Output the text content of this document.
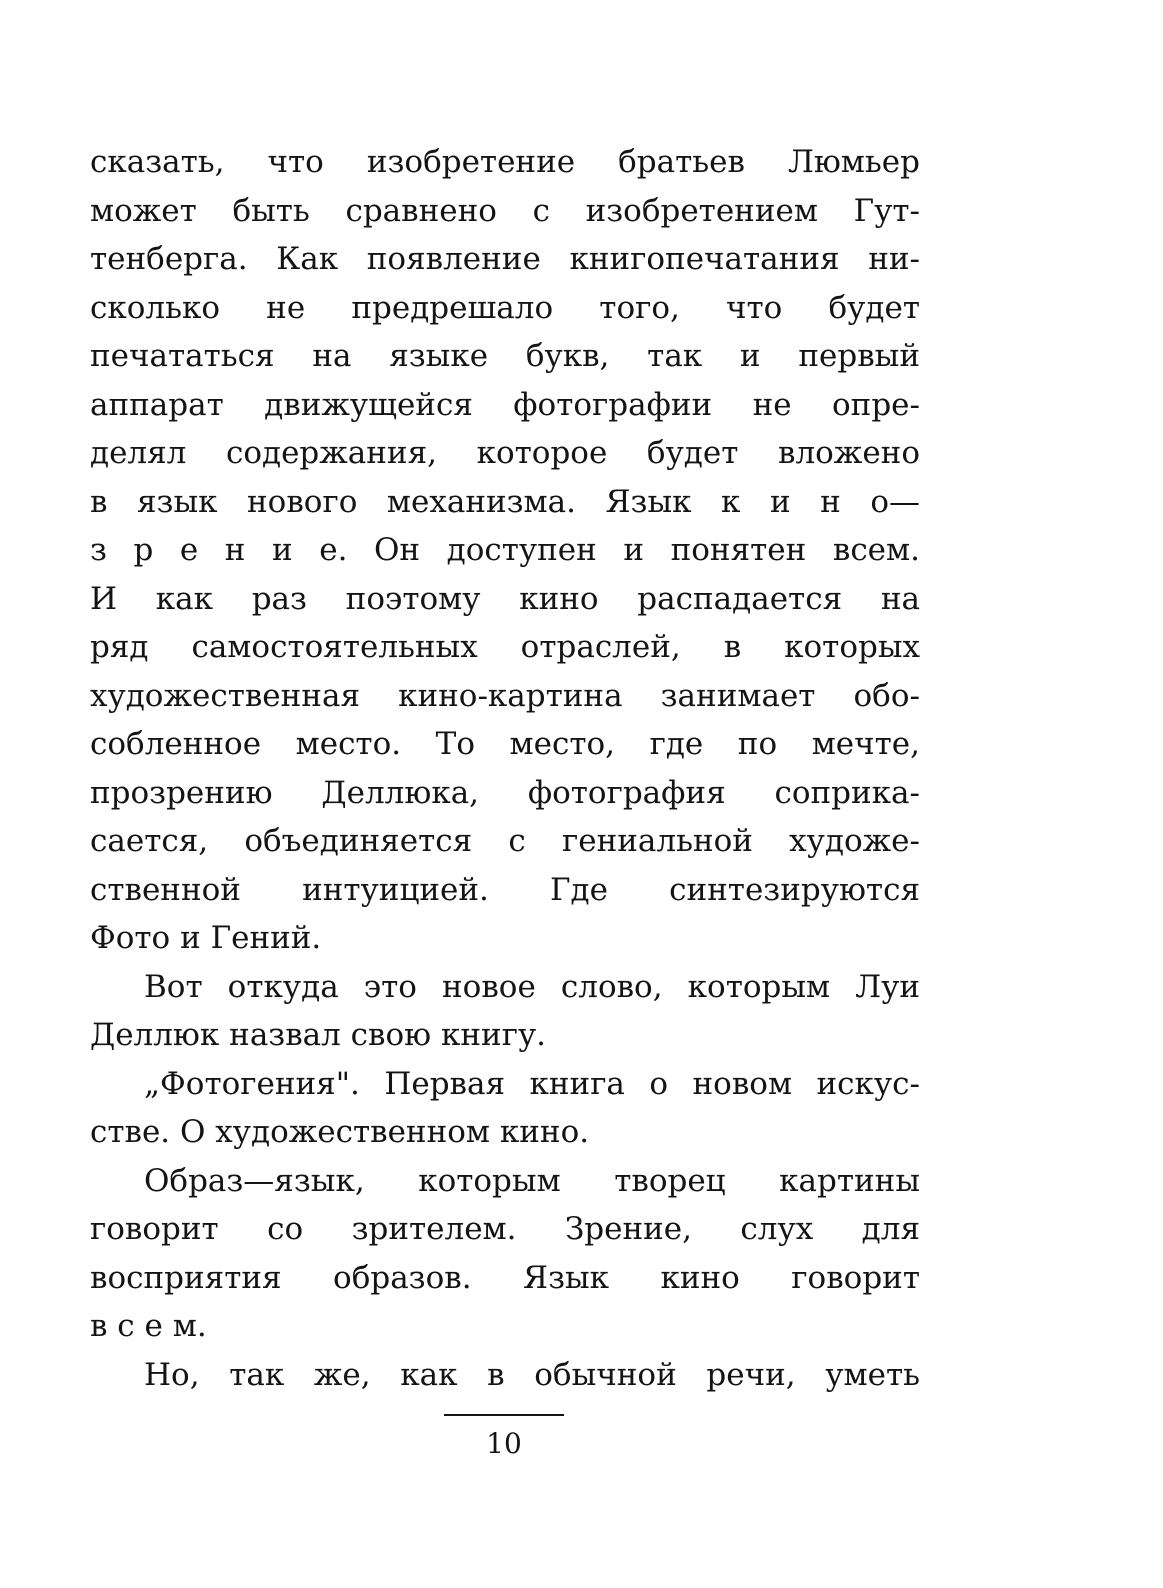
сказать, что изобретение братьев Люмьер
может быть сравнено с изобретением Гут-
тенберга. Как появление книгопечатания ни-
сколько не предрешало того, что будет
печататься на языке букв, так и первый
аппарат движущейся фотографии не опре-
делял содержания, которое будет вложено
в язык нового механизма. Язык к и н о—
з р е н и е. Он доступен и понятен всем.
И как раз поэтому кино распадается на
ряд самостоятельных отраслей, в которых
художественная кино-картина занимает обо-
собленное место. То место, где по мечте,
прозрению Деллюка, фотография соприка-
сается, объединяется с гениальной художе-
ственной интуицией. Где синтезируются
Фото и Гений.
Вот откуда это новое слово, которым Луи
Деллюк назвал свою книгу.
„Фотогения". Первая книга о новом искус-
стве. О художественном кино.
Образ—язык, которым творец картины
говорит со зрителем. Зрение, слух для
восприятия образов. Язык кино говорит
в с е м.
Но, так же, как в обычной речи, уметь
10
